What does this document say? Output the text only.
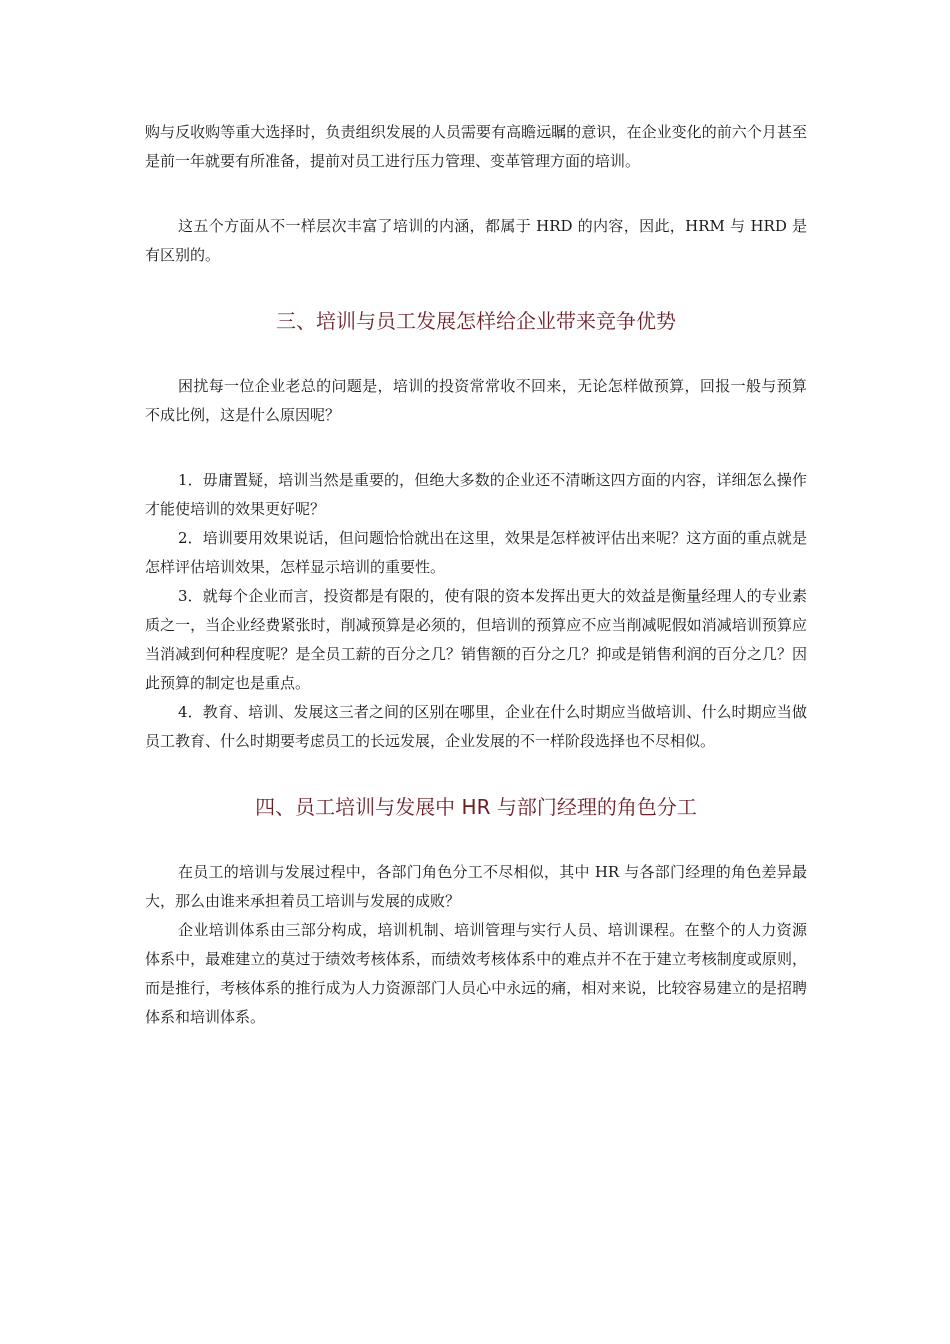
购与反收购等重大选择时，负责组织发展的人员需要有高瞻远瞩的意识，在企业变化的前六个月甚至是前一年就要有所准备，提前对员工进行压力管理、变革管理方面的培训。

这五个方面从不一样层次丰富了培训的内涵，都属于 HRD 的内容，因此，HRM 与 HRD 是有区别的。

三、培训与员工发展怎样给企业带来竞争优势

困扰每一位企业老总的问题是，培训的投资常常收不回来，无论怎样做预算，回报一般与预算不成比例，这是什么原因呢？

1．毋庸置疑，培训当然是重要的，但绝大多数的企业还不清晰这四方面的内容，详细怎么操作才能使培训的效果更好呢？

2．培训要用效果说话，但问题恰恰就出在这里，效果是怎样被评估出来呢？这方面的重点就是怎样评估培训效果，怎样显示培训的重要性。

3．就每个企业而言，投资都是有限的，使有限的资本发挥出更大的效益是衡量经理人的专业素质之一，当企业经费紧张时，削减预算是必须的，但培训的预算应不应当削减呢假如消减培训预算应当消减到何种程度呢？是全员工薪的百分之几？销售额的百分之几？抑或是销售利润的百分之几？因此预算的制定也是重点。

4．教育、培训、发展这三者之间的区别在哪里，企业在什么时期应当做培训、什么时期应当做员工教育、什么时期要考虑员工的长远发展，企业发展的不一样阶段选择也不尽相似。

四、员工培训与发展中 HR 与部门经理的角色分工

在员工的培训与发展过程中，各部门角色分工不尽相似，其中 HR 与各部门经理的角色差异最大，那么由谁来承担着员工培训与发展的成败？

企业培训体系由三部分构成，培训机制、培训管理与实行人员、培训课程。在整个的人力资源体系中，最难建立的莫过于绩效考核体系，而绩效考核体系中的难点并不在于建立考核制度或原则，而是推行，考核体系的推行成为人力资源部门人员心中永远的痛，相对来说，比较容易建立的是招聘体系和培训体系。
